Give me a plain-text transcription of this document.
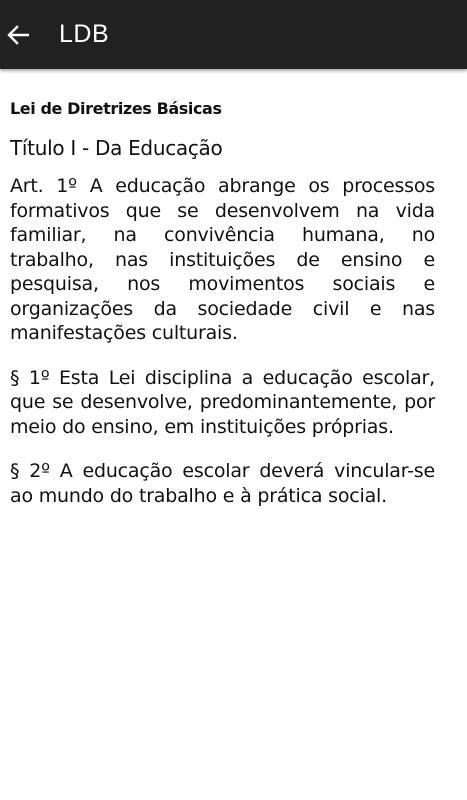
LDB
Lei de Diretrizes Básicas
Título I - Da Educação

Art. 1º A educação abrange os processos formativos que se desenvolvem na vida familiar, na convivência humana, no trabalho, nas instituições de ensino e pesquisa, nos movimentos sociais e organizações da sociedade civil e nas manifestações culturais.

§ 1º Esta Lei disciplina a educação escolar, que se desenvolve, predominantemente, por meio do ensino, em instituições próprias.

§ 2º A educação escolar deverá vincular-se ao mundo do trabalho e à prática social.
